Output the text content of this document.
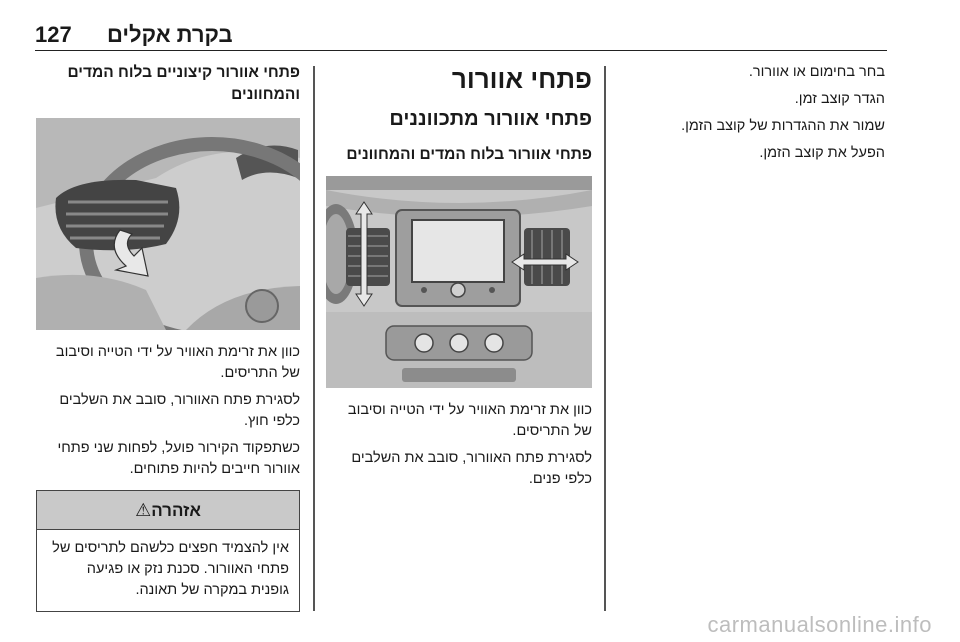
127 בקרת אקלים

בחר בחימום או אוורור.

הגדר קוצב זמן.

שמור את ההגדרות של קוצב הזמן.

הפעל את קוצב הזמן.

פתחי אוורור
פתחי אוורור מתכווננים
פתחי אוורור בלוח המדים והמחוונים

כוון את זרימת האוויר על ידי הטייה וסיבוב של התריסים.

לסגירת פתח האוורור, סובב את השלבים כלפי פנים.

פתחי אוורור קיצוניים בלוח המדים והמחוונים

כוון את זרימת האוויר על ידי הטייה וסיבוב של התריסים.

לסגירת פתח האוורור, סובב את השלבים כלפי חוץ.

כשתפקוד הקירור פועל, לפחות שני פתחי אוורור חייבים להיות פתוחים.

אזהרה⚠
אין להצמיד חפצים כלשהם לתריסים של פתחי האוורור. סכנת נזק או פגיעה גופנית במקרה של תאונה.
carmanualsonline.info
